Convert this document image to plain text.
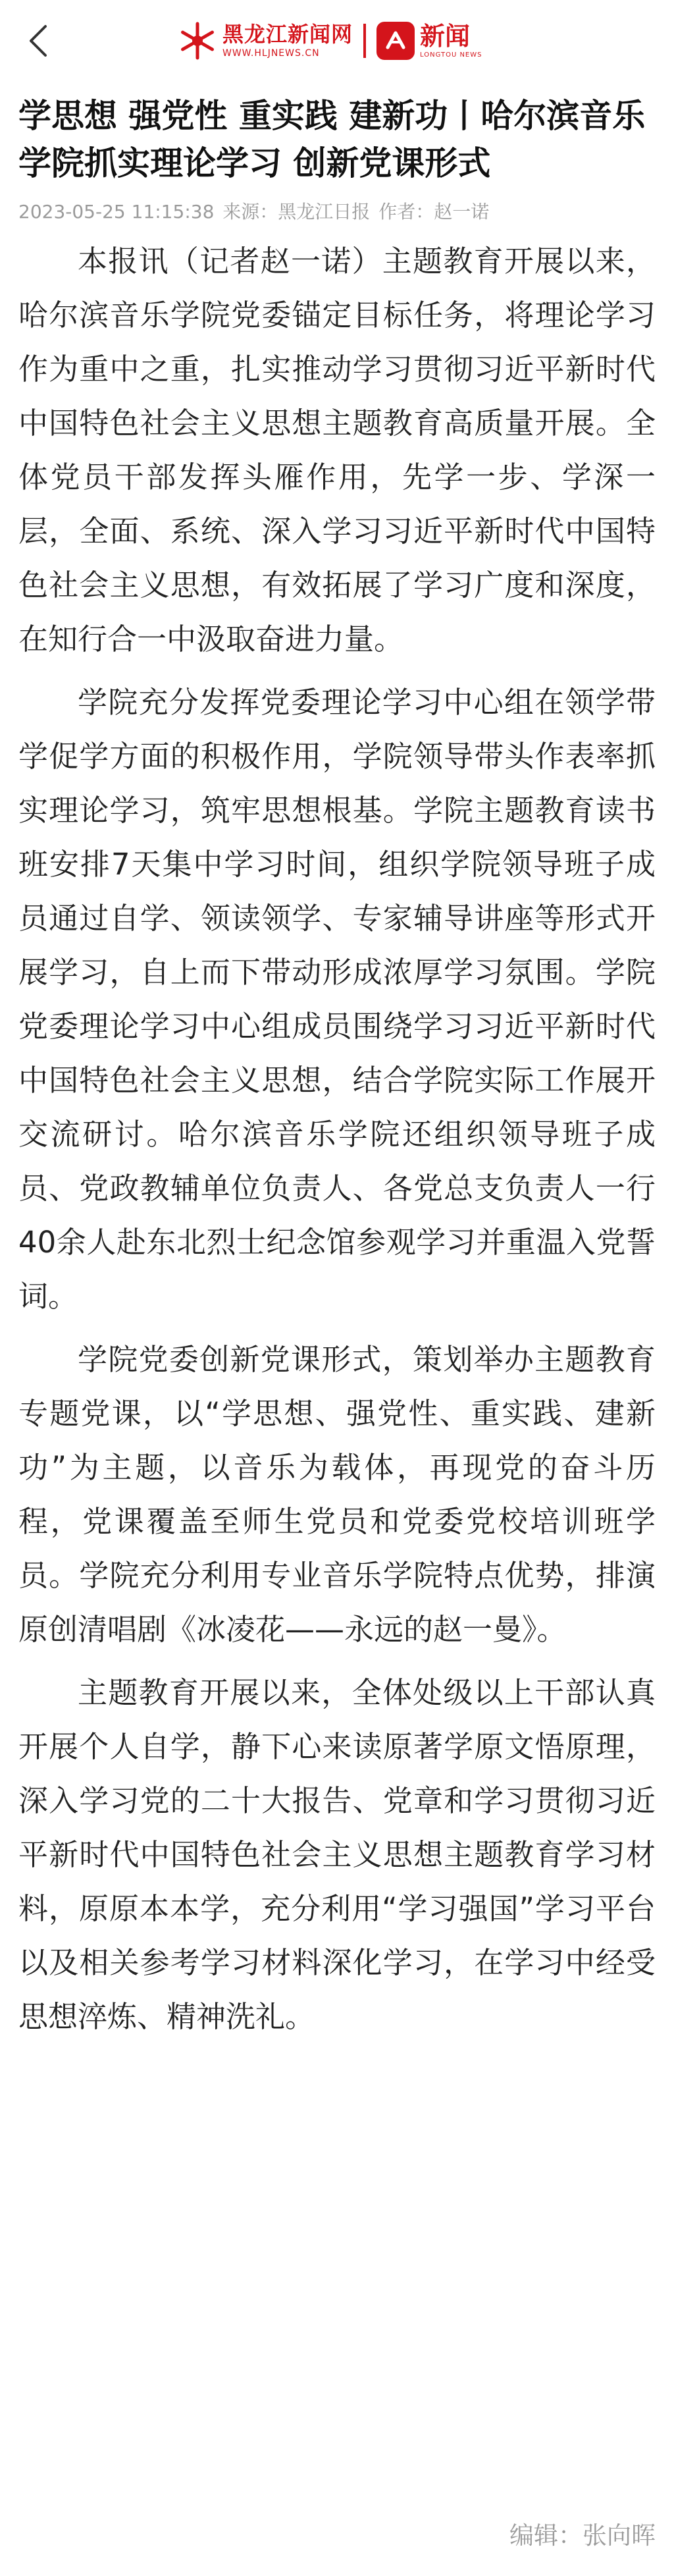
黑龙江新闻网
WWW.HLJNEWS.CN
新闻
LONGTOU NEWS
学思想 强党性 重实践 建新功丨哈尔滨音乐学院抓实理论学习 创新党课形式
2023-05-25 11:15:38 来源：黑龙江日报 作者：赵一诺

本报讯（记者赵一诺）主题教育开展以来，哈尔滨音乐学院党委锚定目标任务，将理论学习作为重中之重，扎实推动学习贯彻习近平新时代中国特色社会主义思想主题教育高质量开展。全体党员干部发挥头雁作用，先学一步、学深一层，全面、系统、深入学习习近平新时代中国特色社会主义思想，有效拓展了学习广度和深度，在知行合一中汲取奋进力量。

学院充分发挥党委理论学习中心组在领学带学促学方面的积极作用，学院领导带头作表率抓实理论学习，筑牢思想根基。学院主题教育读书班安排7天集中学习时间，组织学院领导班子成员通过自学、领读领学、专家辅导讲座等形式开展学习，自上而下带动形成浓厚学习氛围。学院党委理论学习中心组成员围绕学习习近平新时代中国特色社会主义思想，结合学院实际工作展开交流研讨。哈尔滨音乐学院还组织领导班子成员、党政教辅单位负责人、各党总支负责人一行40余人赴东北烈士纪念馆参观学习并重温入党誓词。

学院党委创新党课形式，策划举办主题教育专题党课，以“学思想、强党性、重实践、建新功”为主题，以音乐为载体，再现党的奋斗历程，党课覆盖至师生党员和党委党校培训班学员。学院充分利用专业音乐学院特点优势，排演原创清唱剧《冰凌花——永远的赵一曼》。

主题教育开展以来，全体处级以上干部认真开展个人自学，静下心来读原著学原文悟原理，深入学习党的二十大报告、党章和学习贯彻习近平新时代中国特色社会主义思想主题教育学习材料，原原本本学，充分利用“学习强国”学习平台以及相关参考学习材料深化学习，在学习中经受思想淬炼、精神洗礼。

编辑：张向晖
